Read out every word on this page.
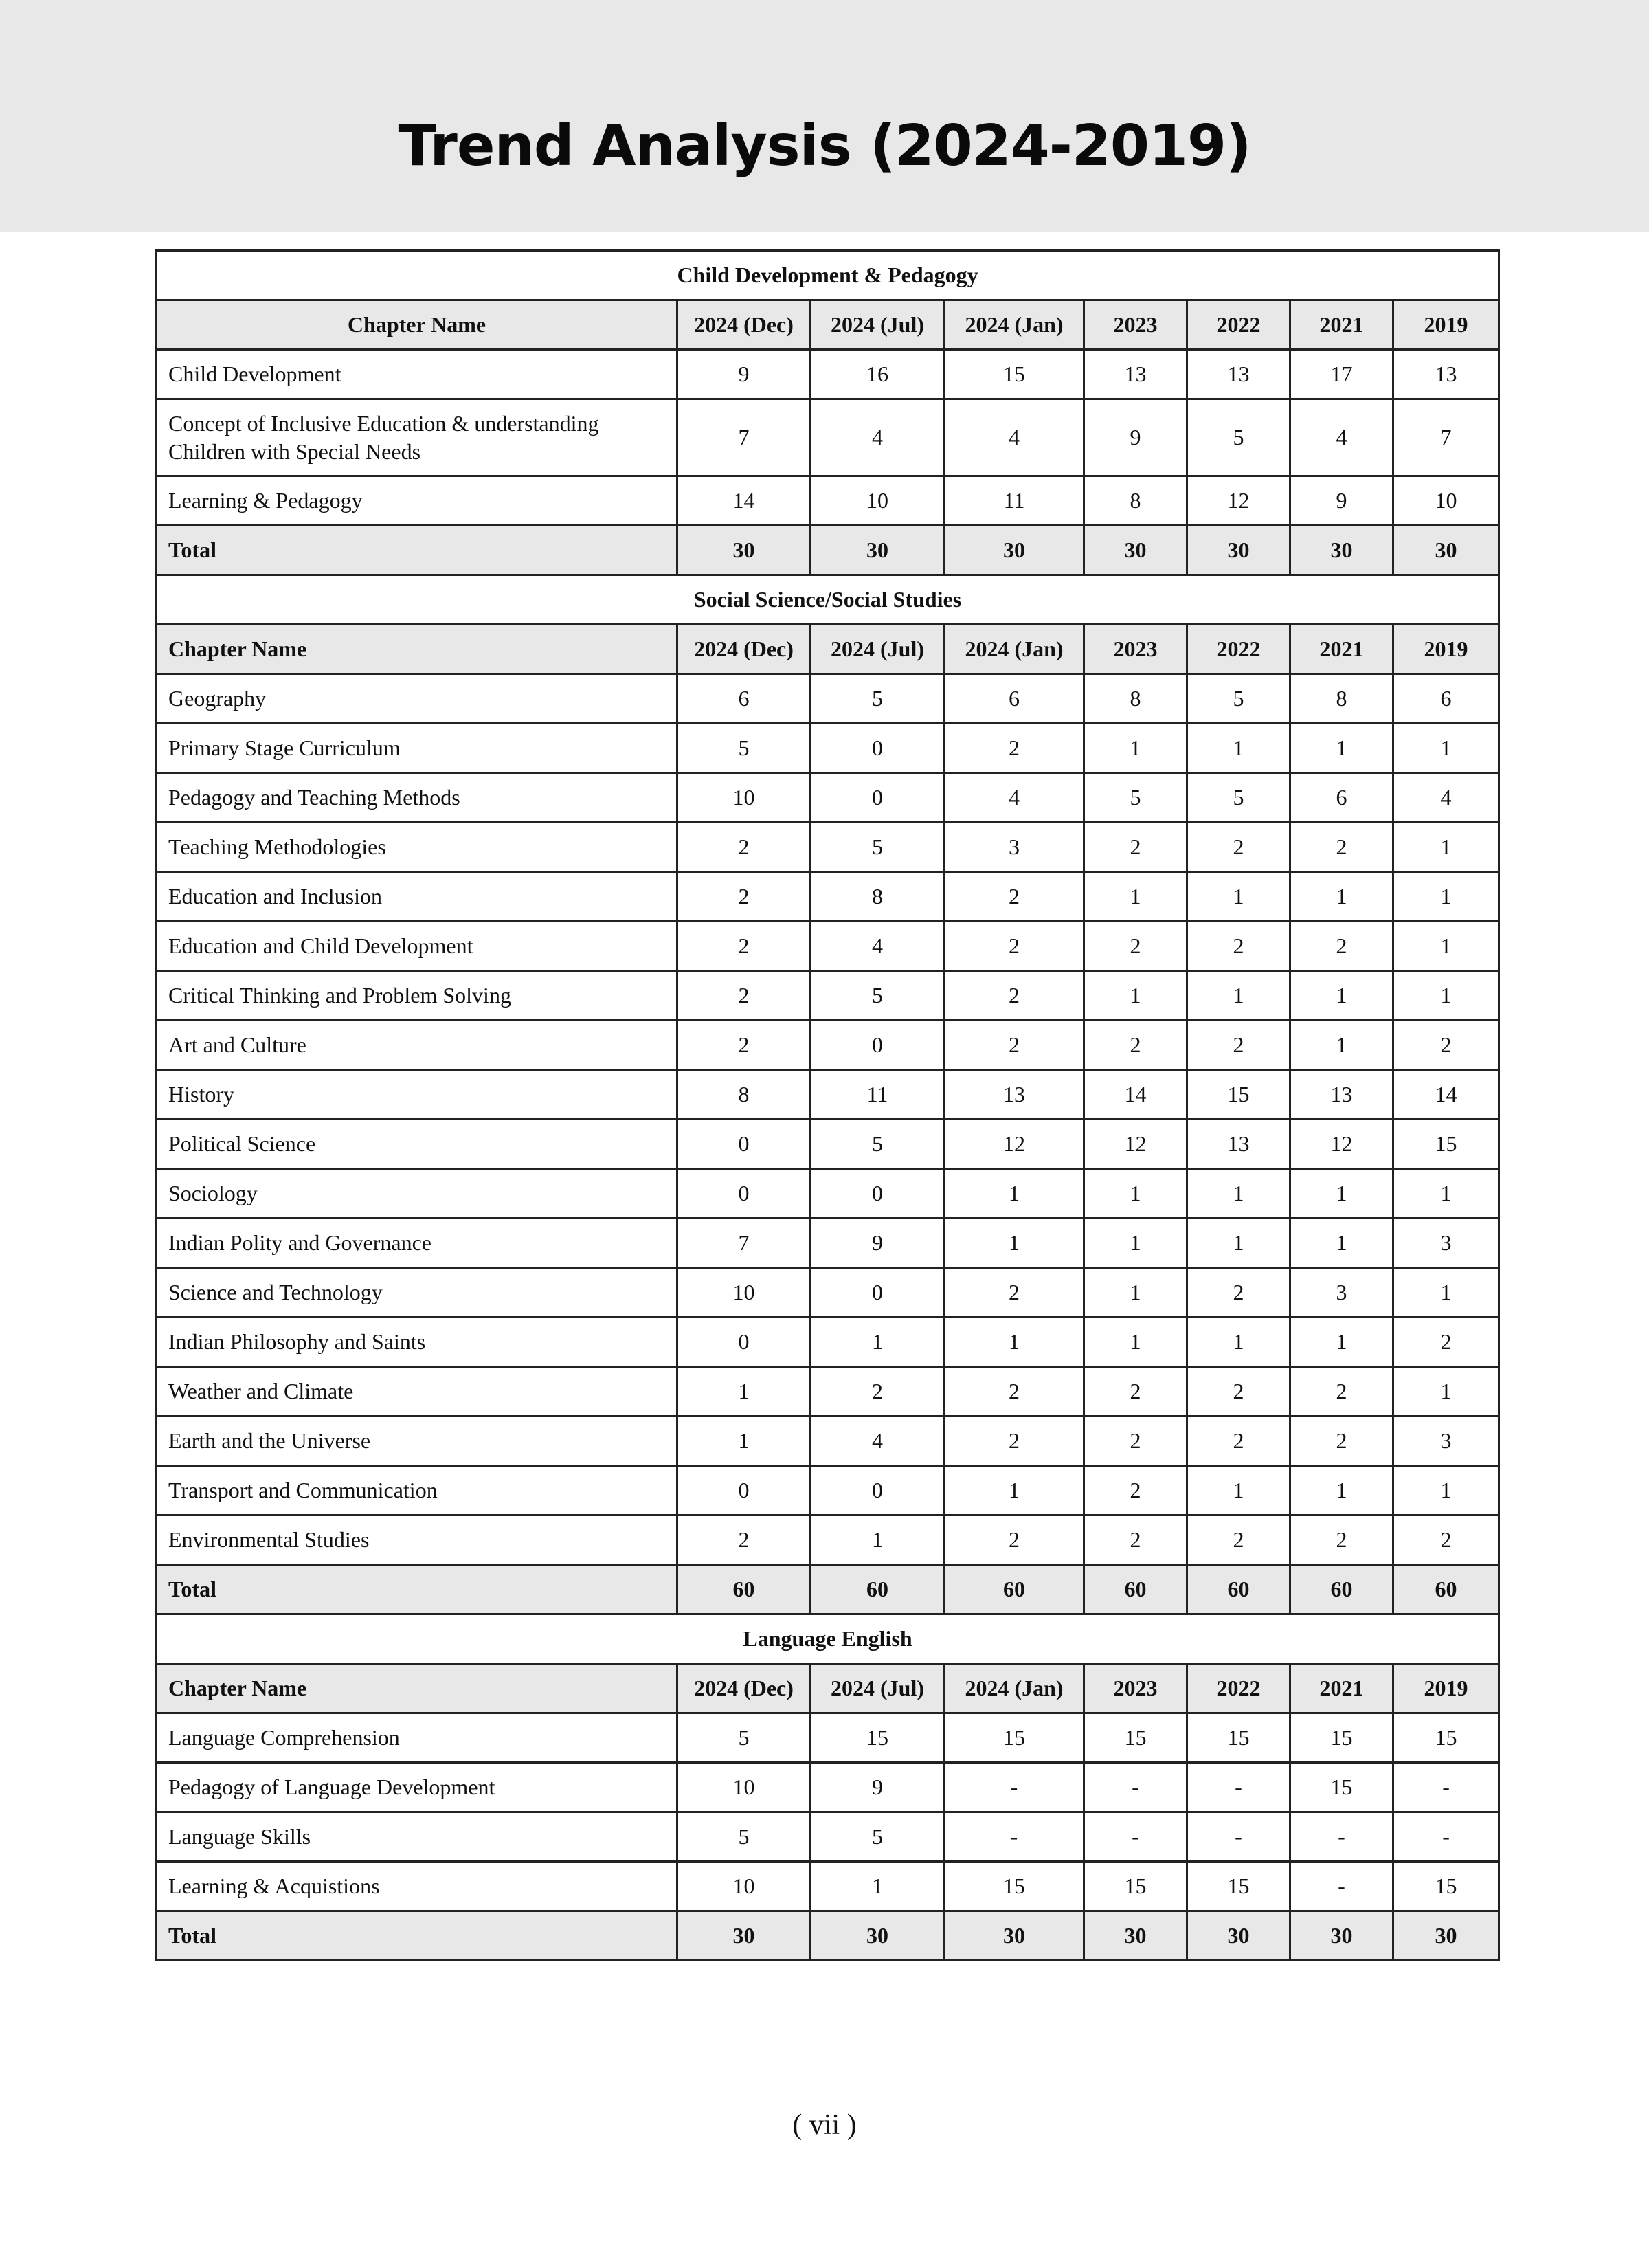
Trend Analysis (2024-2019)
Child Development & Pedagogy							
Chapter Name	2024 (Dec)	2024 (Jul)	2024 (Jan)	2023	2022	2021	2019
Child Development	9	16	15	13	13	17	13
Concept of Inclusive Education & understanding Children with Special Needs	7	4	4	9	5	4	7
Learning & Pedagogy	14	10	11	8	12	9	10
Total	30	30	30	30	30	30	30
Social Science/Social Studies							
Chapter Name	2024 (Dec)	2024 (Jul)	2024 (Jan)	2023	2022	2021	2019
Geography	6	5	6	8	5	8	6
Primary Stage Curriculum	5	0	2	1	1	1	1
Pedagogy and Teaching Methods	10	0	4	5	5	6	4
Teaching Methodologies	2	5	3	2	2	2	1
Education and Inclusion	2	8	2	1	1	1	1
Education and Child Development	2	4	2	2	2	2	1
Critical Thinking and Problem Solving	2	5	2	1	1	1	1
Art and Culture	2	0	2	2	2	1	2
History	8	11	13	14	15	13	14
Political Science	0	5	12	12	13	12	15
Sociology	0	0	1	1	1	1	1
Indian Polity and Governance	7	9	1	1	1	1	3
Science and Technology	10	0	2	1	2	3	1
Indian Philosophy and Saints	0	1	1	1	1	1	2
Weather and Climate	1	2	2	2	2	2	1
Earth and the Universe	1	4	2	2	2	2	3
Transport and Communication	0	0	1	2	1	1	1
Environmental Studies	2	1	2	2	2	2	2
Total	60	60	60	60	60	60	60
Language English							
Chapter Name	2024 (Dec)	2024 (Jul)	2024 (Jan)	2023	2022	2021	2019
Language Comprehension	5	15	15	15	15	15	15
Pedagogy of Language Development	10	9	-	-	-	15	-
Language Skills	5	5	-	-	-	-	-
Learning & Acquistions	10	1	15	15	15	-	15
Total	30	30	30	30	30	30	30
( vii )
